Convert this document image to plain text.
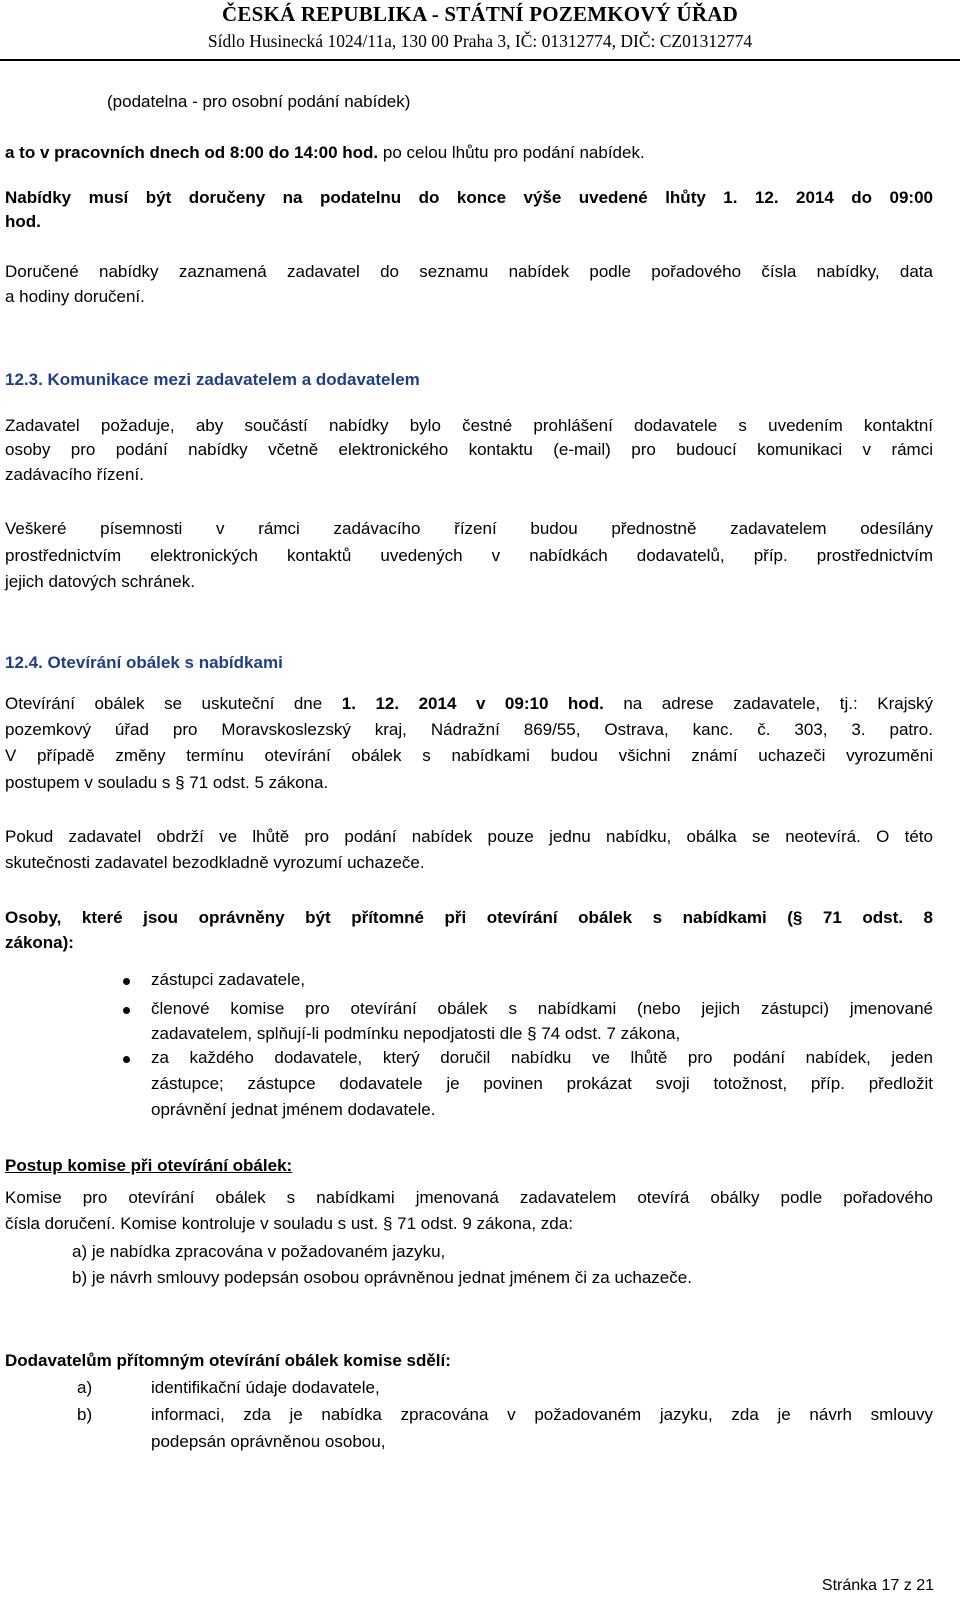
ČESKÁ REPUBLIKA - STÁTNÍ POZEMKOVÝ ÚŘAD
Sídlo Husinecká 1024/11a, 130 00 Praha 3, IČ: 01312774, DIČ: CZ01312774
(podatelna - pro osobní podání nabídek)
a to v pracovních dnech od 8:00 do 14:00 hod. po celou lhůtu pro podání nabídek.
Nabídky musí být doručeny na podatelnu do konce výše uvedené lhůty 1. 12. 2014 do 09:00
hod.
Doručené nabídky zaznamená zadavatel do seznamu nabídek podle pořadového čísla nabídky, data
a hodiny doručení.
12.3. Komunikace mezi zadavatelem a dodavatelem
Zadavatel požaduje, aby součástí nabídky bylo čestné prohlášení dodavatele s uvedením kontaktní
osoby pro podání nabídky včetně elektronického kontaktu (e-mail) pro budoucí komunikaci v rámci
zadávacího řízení.
Veškeré písemnosti v rámci zadávacího řízení budou přednostně zadavatelem odesílány
prostřednictvím elektronických kontaktů uvedených v nabídkách dodavatelů, příp. prostřednictvím
jejich datových schránek.
12.4. Otevírání obálek s nabídkami
Otevírání obálek se uskuteční dne 1. 12. 2014 v 09:10 hod. na adrese zadavatele, tj.: Krajský
pozemkový úřad pro Moravskoslezský kraj, Nádražní 869/55, Ostrava, kanc. č. 303, 3. patro.
V případě změny termínu otevírání obálek s nabídkami budou všichni známí uchazeči vyrozuměni
postupem v souladu s § 71 odst. 5 zákona.
Pokud zadavatel obdrží ve lhůtě pro podání nabídek pouze jednu nabídku, obálka se neotevírá. O této
skutečnosti zadavatel bezodkladně vyrozumí uchazeče.
Osoby, které jsou oprávněny být přítomné při otevírání obálek s nabídkami (§ 71 odst. 8
zákona):
zástupci zadavatele,
členové komise pro otevírání obálek s nabídkami (nebo jejich zástupci) jmenované
zadavatelem, splňují-li podmínku nepodjatosti dle § 74 odst. 7 zákona,
za každého dodavatele, který doručil nabídku ve lhůtě pro podání nabídek, jeden
zástupce; zástupce dodavatele je povinen prokázat svoji totožnost, příp. předložit
oprávnění jednat jménem dodavatele.
Postup komise při otevírání obálek:
Komise pro otevírání obálek s nabídkami jmenovaná zadavatelem otevírá obálky podle pořadového
čísla doručení. Komise kontroluje v souladu s ust. § 71 odst. 9 zákona, zda:
a) je nabídka zpracována v požadovaném jazyku,
b) je návrh smlouvy podepsán osobou oprávněnou jednat jménem či za uchazeče.
Dodavatelům přítomným otevírání obálek komise sdělí:
a)	identifikační údaje dodavatele,
b)	informaci, zda je nabídka zpracována v požadovaném jazyku, zda je návrh smlouvy
podepsán oprávněnou osobou,
Stránka 17 z 21
